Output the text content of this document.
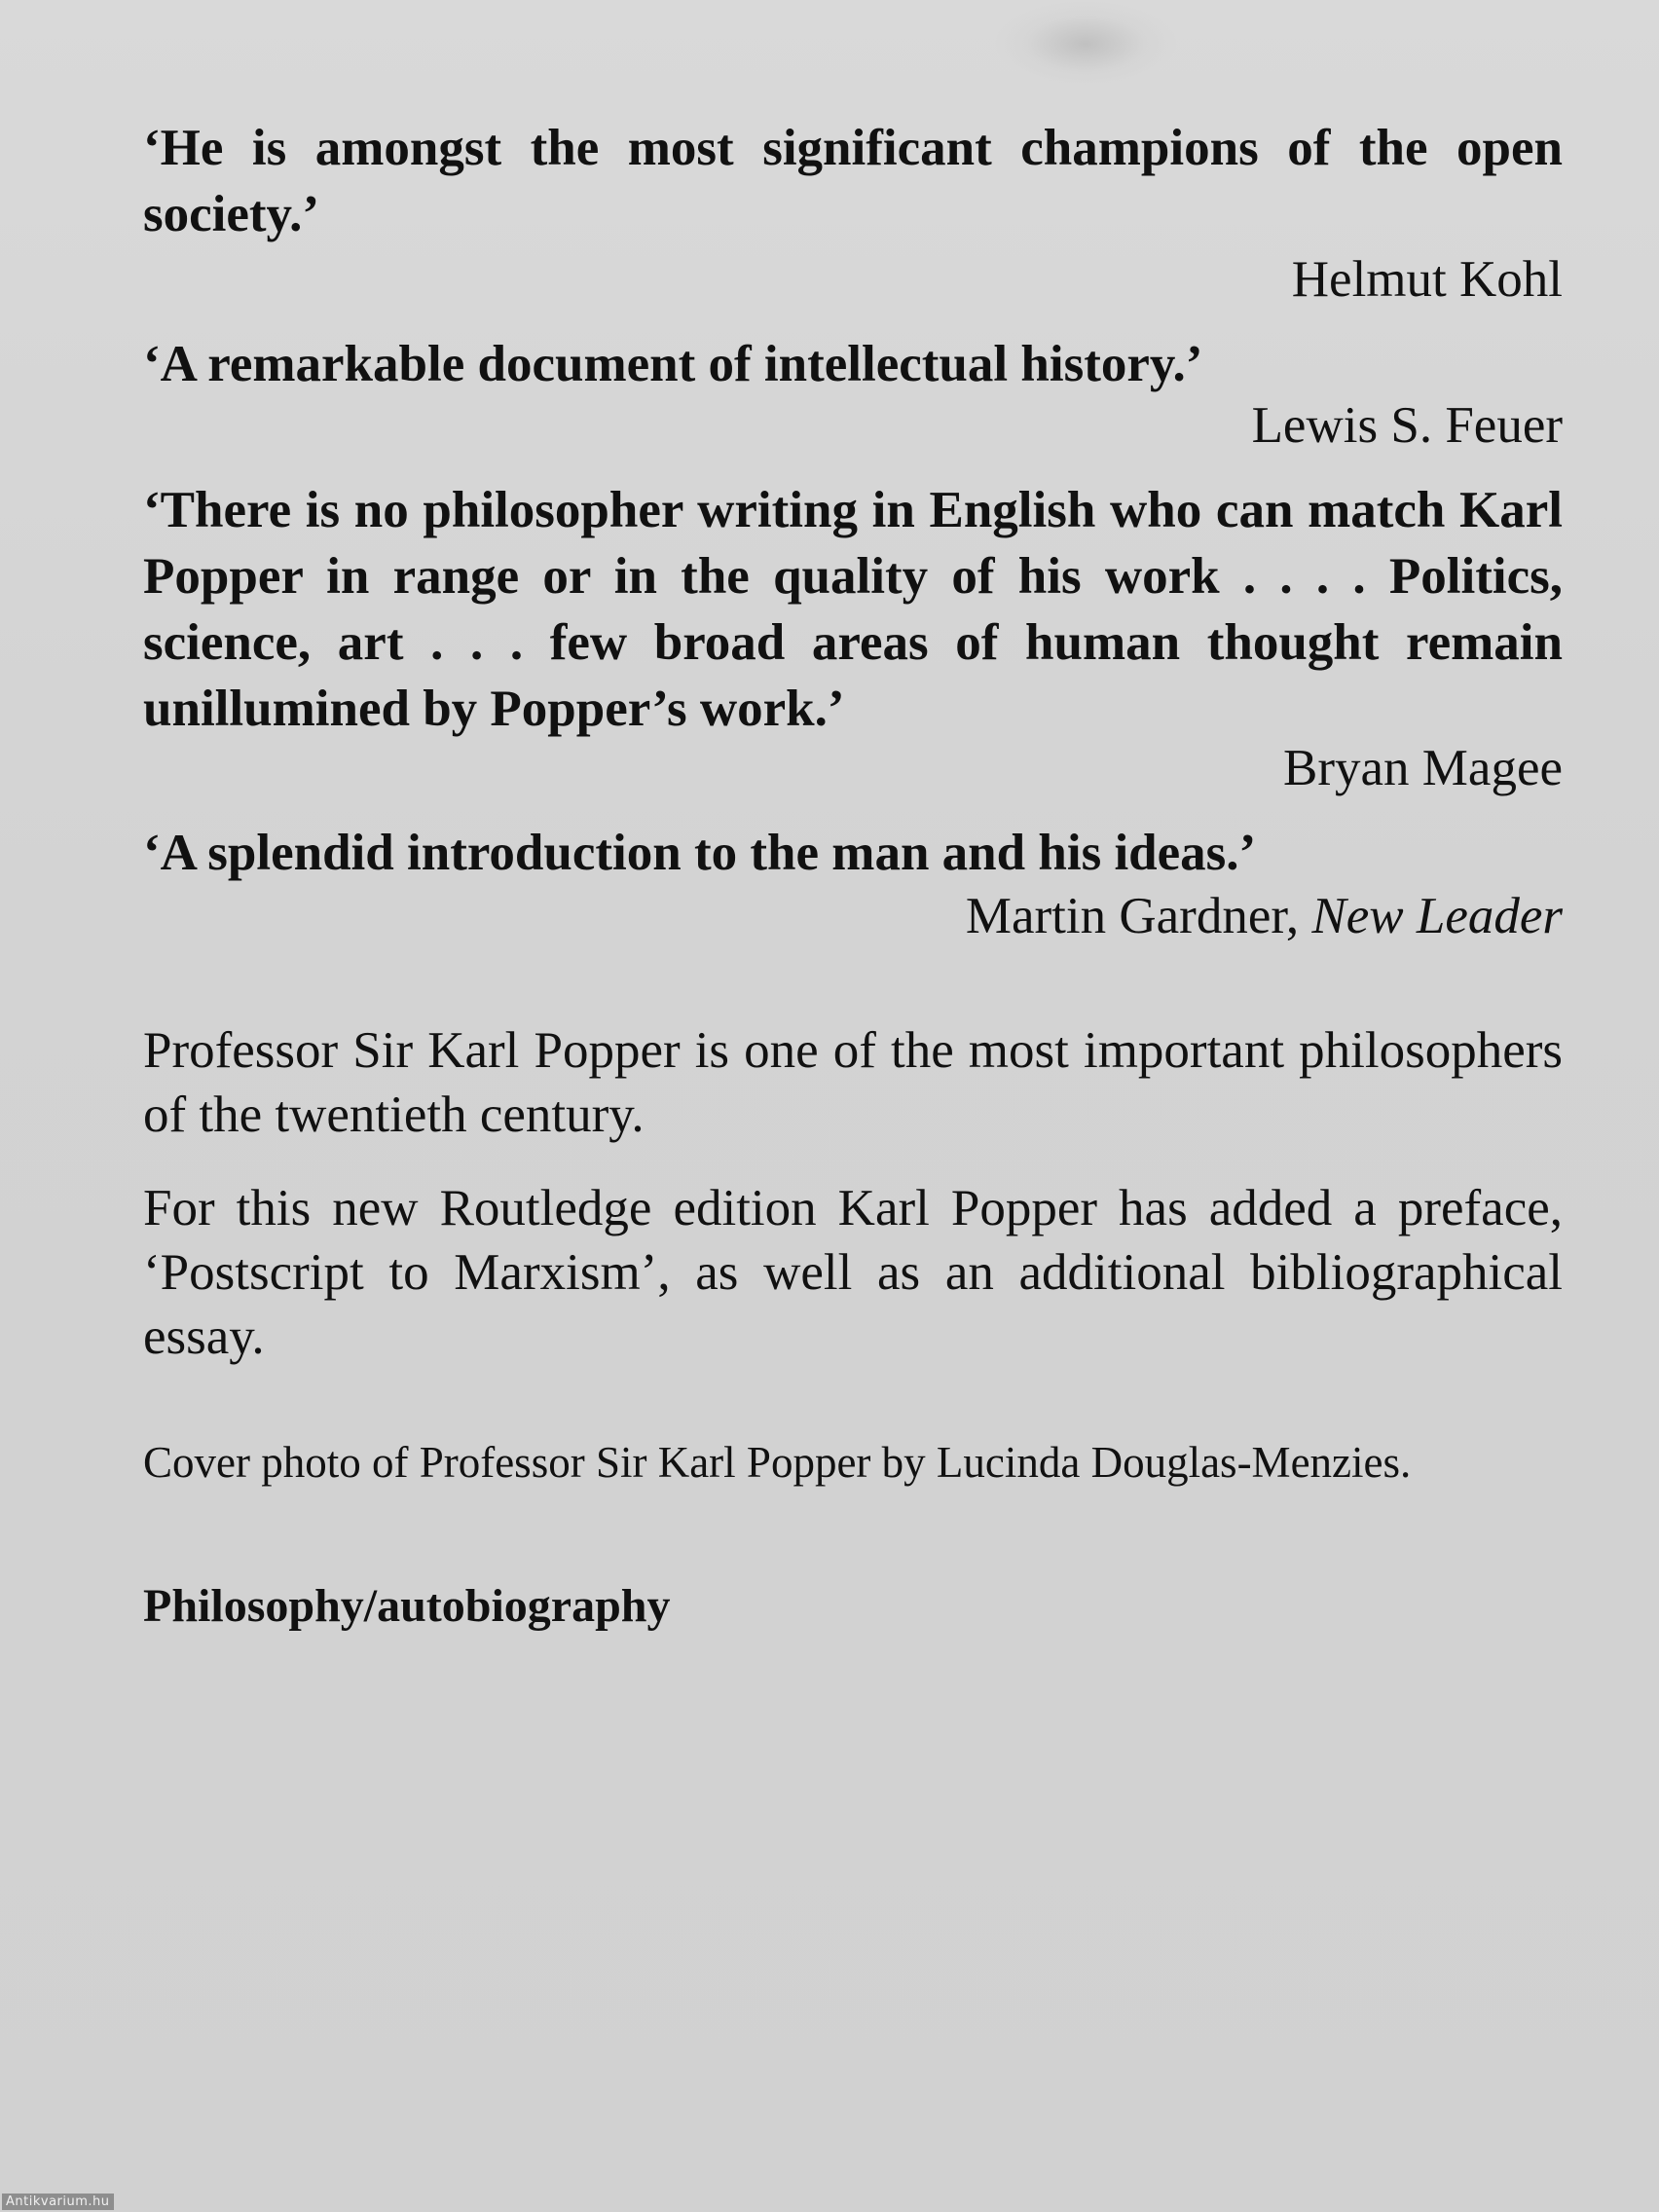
‘He is amongst the most significant champions of the open society.’

Helmut Kohl

‘A remarkable document of intellectual history.’

Lewis S. Feuer

‘There is no philosopher writing in English who can match Karl Popper in range or in the quality of his work . . . . Politics, science, art . . . few broad areas of human thought remain unillumined by Popper’s work.’

Bryan Magee

‘A splendid introduction to the man and his ideas.’

Martin Gardner, New Leader

Professor Sir Karl Popper is one of the most important philosophers of the twentieth century.

For this new Routledge edition Karl Popper has added a preface, ‘Postscript to Marxism’, as well as an additional bibliographical essay.

Cover photo of Professor Sir Karl Popper by Lucinda Douglas-Menzies.

Philosophy/autobiography

Antikvarium.hu
